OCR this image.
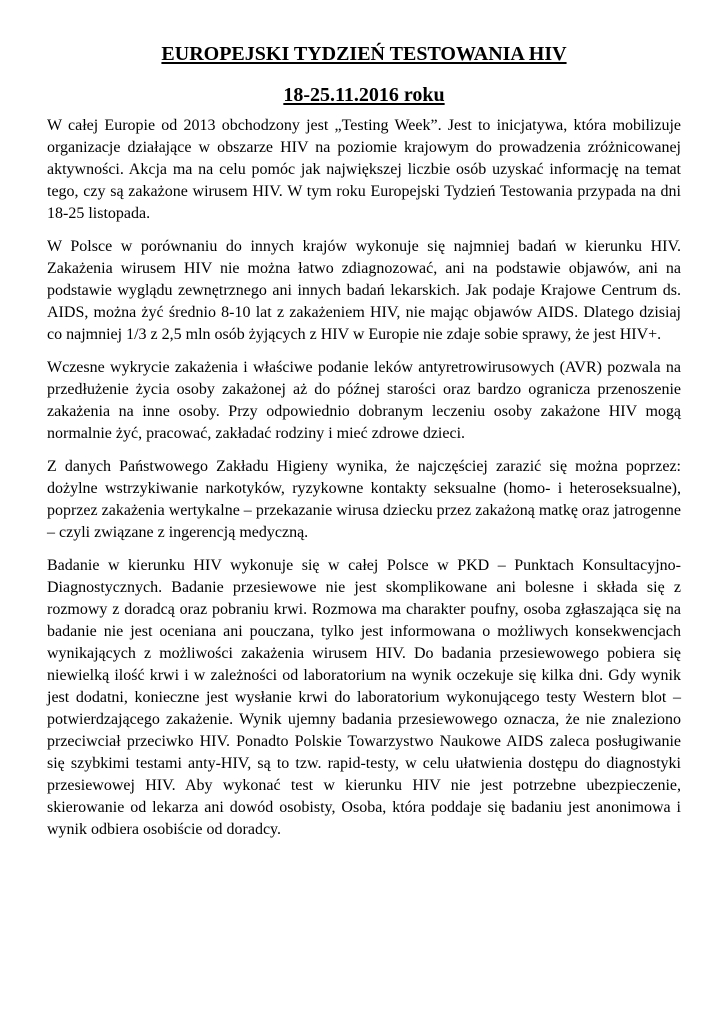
EUROPEJSKI TYDZIEŃ TESTOWANIA HIV
18-25.11.2016 roku

W całej Europie od 2013 obchodzony jest „Testing Week”. Jest to inicjatywa, która mobilizuje organizacje działające w obszarze HIV na poziomie krajowym do prowadzenia zróżnicowanej aktywności. Akcja ma na celu pomóc jak największej liczbie osób uzyskać informację na temat tego, czy są zakażone wirusem HIV. W tym roku Europejski Tydzień Testowania przypada na dni 18-25 listopada.

W Polsce w porównaniu do innych krajów wykonuje się najmniej badań w kierunku HIV. Zakażenia wirusem HIV nie można łatwo zdiagnozować, ani na podstawie objawów, ani na podstawie wyglądu zewnętrznego ani innych badań lekarskich. Jak podaje Krajowe Centrum ds. AIDS, można żyć średnio 8-10 lat z zakażeniem HIV, nie mając objawów AIDS. Dlatego dzisiaj co najmniej 1/3 z 2,5 mln osób żyjących z HIV w Europie nie zdaje sobie sprawy, że jest HIV+.

Wczesne wykrycie zakażenia i właściwe podanie leków antyretrowirusowych (AVR) pozwala na przedłużenie życia osoby zakażonej aż do późnej starości oraz bardzo ogranicza przenoszenie zakażenia na inne osoby. Przy odpowiednio dobranym leczeniu osoby zakażone HIV mogą normalnie żyć, pracować, zakładać rodziny i mieć zdrowe dzieci.

Z danych Państwowego Zakładu Higieny wynika, że najczęściej zarazić się można poprzez: dożylne wstrzykiwanie narkotyków, ryzykowne kontakty seksualne (homo- i heteroseksualne), poprzez zakażenia wertykalne – przekazanie wirusa dziecku przez zakażoną matkę oraz jatrogenne – czyli związane z ingerencją medyczną.

Badanie w kierunku HIV wykonuje się w całej Polsce w PKD – Punktach Konsultacyjno-Diagnostycznych. Badanie przesiewowe nie jest skomplikowane ani bolesne i składa się z rozmowy z doradcą oraz pobraniu krwi. Rozmowa ma charakter poufny, osoba zgłaszająca się na badanie nie jest oceniana ani pouczana, tylko jest informowana o możliwych konsekwencjach wynikających z możliwości zakażenia wirusem HIV. Do badania przesiewowego pobiera się niewielką ilość krwi i w zależności od laboratorium na wynik oczekuje się kilka dni. Gdy wynik jest dodatni, konieczne jest wysłanie krwi do laboratorium wykonującego testy Western blot – potwierdzającego zakażenie. Wynik ujemny badania przesiewowego oznacza, że nie znaleziono przeciwciał przeciwko HIV. Ponadto Polskie Towarzystwo Naukowe AIDS zaleca posługiwanie się szybkimi testami anty-HIV, są to tzw. rapid-testy, w celu ułatwienia dostępu do diagnostyki przesiewowej HIV. Aby wykonać test w kierunku HIV nie jest potrzebne ubezpieczenie, skierowanie od lekarza ani dowód osobisty, Osoba, która poddaje się badaniu jest anonimowa i wynik odbiera osobiście od doradcy.
